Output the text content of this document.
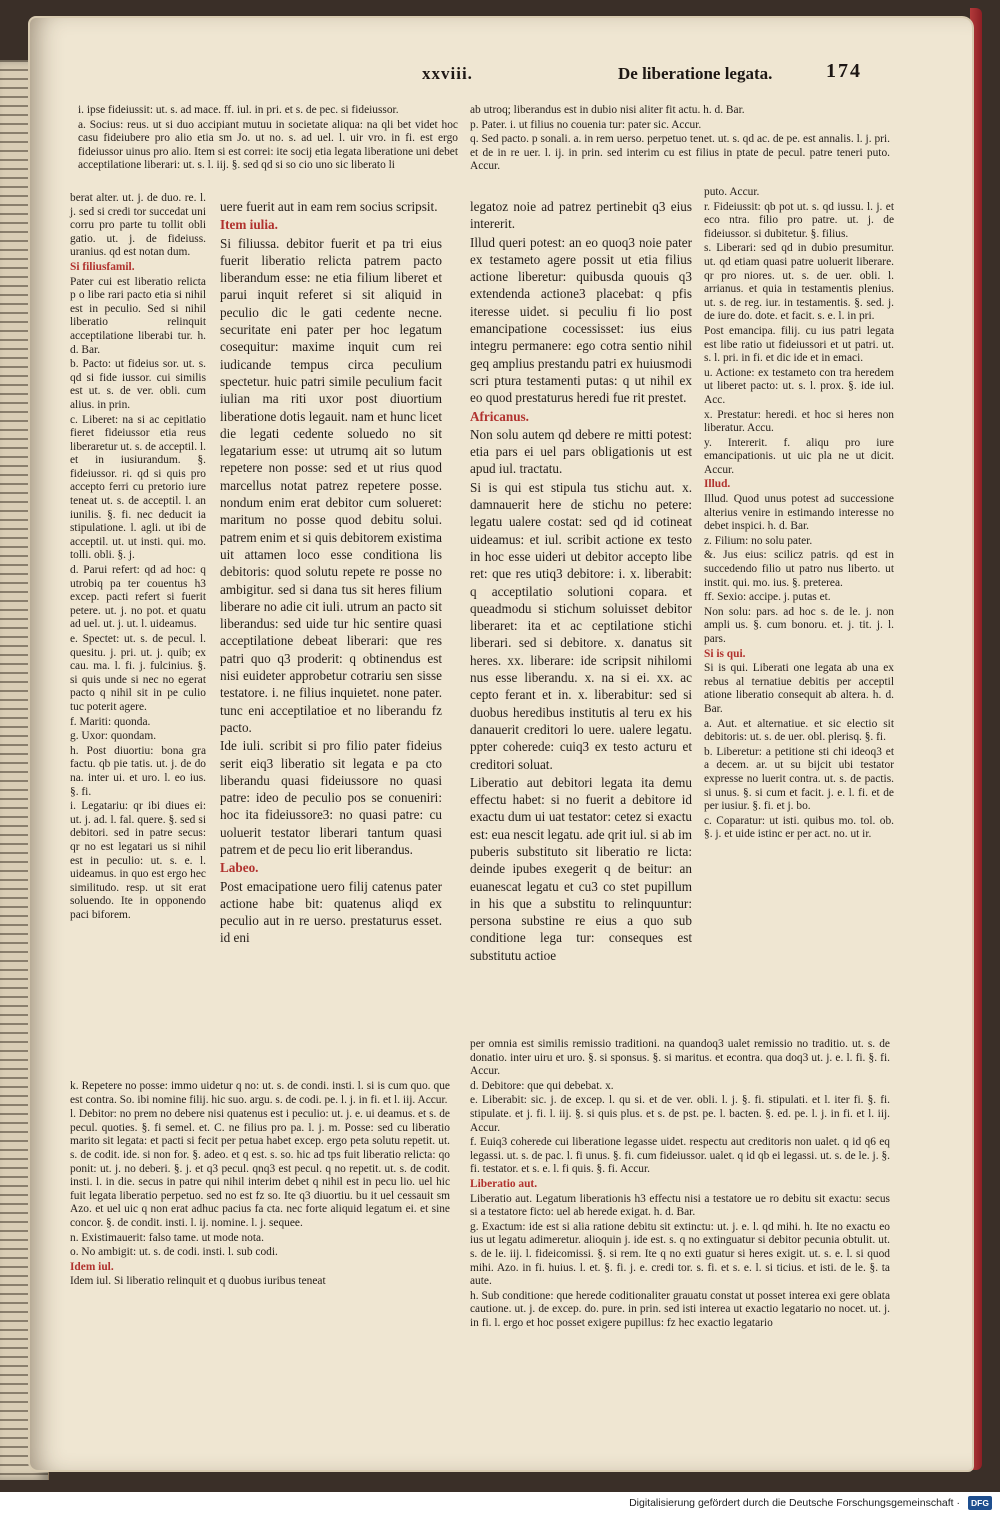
xxviii.	De liberatione legata.	174

i. ipse fideiussit: ut. s. ad mace. ff. iul. in pri. et s. de pec. si fideiussor.

a. Socius: reus. ut si duo accipiant mutuu in societate aliqua: na qli bet videt hoc casu fideiubere pro alio etia sm Jo. ut no. s. ad uel. l. uir vro. in fi. est ergo fideiussor uinus pro alio. Item si est correi: ite socij etia legata liberatione uni debet acceptilatione liberari: ut. s. l. iij. §. sed qd si so cio uno sic liberato li

ab utroq; liberandus est in dubio nisi aliter fit actu. h. d. Bar.

p. Pater. i. ut filius no couenia tur: pater sic. Accur.

q. Sed pacto. p sonali. a. in rem uerso. perpetuo tenet. ut. s. qd ac. de pe. est annalis. l. j. pri. et de in re uer. l. ij. in prin. sed interim cu est filius in ptate de pecul. patre teneri puto. Accur.

berat alter. ut. j. de duo. re. l. j. sed si credi tor succedat uni corru pro parte tu tollit obli gatio. ut. j. de fideiuss. uranius. qd est notan dum.

Si filiusfamil.

Pater cui est liberatio relicta p o libe rari pacto etia si nihil est in peculio. Sed si nihil liberatio relinquit acceptilatione liberabi tur. h. d. Bar.

b. Pacto: ut fideius sor. ut. s. qd si fide iussor. cui similis est ut. s. de ver. obli. cum alius. in prin.

c. Liberet: na si ac cepitlatio fieret fideiussor etia reus liberaretur ut. s. de acceptil. l. et in iusiurandum. §. fideiussor. ri. qd si quis pro accepto ferri cu pretorio iure teneat ut. s. de acceptil. l. an iunilis. §. fi. nec deducit ia stipulatione. l. agli. ut ibi de acceptil. ut. ut insti. qui. mo. tolli. obli. §. j.

d. Parui refert: qd ad hoc: q utrobiq pa ter couentus h3 excep. pacti refert si fuerit petere. ut. j. no pot. et quatu ad uel. ut. j. ut. l. uideamus.

e. Spectet: ut. s. de pecul. l. quesitu. j. pri. ut. j. quib; ex cau. ma. l. fi. j. fulcinius. §. si quis unde si nec no egerat pacto q nihil sit in pe culio tuc poterit agere.

f. Mariti: quonda.

g. Uxor: quondam.

h. Post diuortiu: bona gra factu. qb pie tatis. ut. j. de do na. inter ui. et uro. l. eo ius. §. fi.

i. Legatariu: qr ibi diues ei: ut. j. ad. l. fal. quere. §. sed si debitori. sed in patre secus: qr no est legatari us si nihil est in peculio: ut. s. e. l. uideamus. in quo est ergo hec similitudo. resp. ut sit erat soluendo. Ite in opponendo paci biforem.

uere fuerit aut in eam rem socius scripsit.

Item iulia.

Si filiussa. debitor fuerit et pa tri eius fuerit liberatio relicta patrem pacto liberandum esse: ne etia filium liberet et parui inquit referet si sit aliquid in peculio dic le gati cedente necne. securitate eni pater per hoc legatum cosequitur: maxime inquit cum rei iudicande tempus circa peculium spectetur. huic patri simile peculium facit iulian ma riti uxor post diuortium liberatione dotis legauit. nam et hunc licet die legati cedente soluedo no sit legatarium esse: ut utrumq ait so lutum repetere non posse: sed et ut rius quod marcellus notat patrez repetere posse. nondum enim erat debitor cum solueret: maritum no posse quod debitu solui. patrem enim et si quis debitorem existima uit attamen loco esse conditiona lis debitoris: quod solutu repete re posse no ambigitur. sed si dana tus sit heres filium liberare no adie cit iuli. utrum an pacto sit liberandus: sed uide tur hic sentire quasi acceptilatione debeat liberari: que res patri quo q3 proderit: q obtinendus est nisi euideter approbetur cotrariu sen sisse testatore. i. ne filius inquietet. none pater. tunc eni acceptilatioe et no liberandu fz pacto.

Ide iuli. scribit si pro filio pater fideius serit eiq3 liberatio sit legata e pa cto liberandu quasi fideiussore no quasi patre: ideo de peculio pos se conueniri: hoc ita fideiussore3: no quasi patre: cu uoluerit testator liberari tantum quasi patrem et de pecu lio erit liberandus.

Labeo.

Post emacipatione uero filij catenus pater actione habe bit: quatenus aliqd ex peculio aut in re uerso. prestaturus esset. id eni

legatoz noie ad patrez pertinebit q3 eius intererit.

Illud queri potest: an eo quoq3 noie pater ex testameto agere possit ut etia filius actione liberetur: quibusda quouis q3 extendenda actione3 placebat: q pfis iteresse uidet. si peculiu fi lio post emancipatione cocessisset: ius eius integru permanere: ego cotra sentio nihil geq amplius prestandu patri ex huiusmodi scri ptura testamenti putas: q ut nihil ex eo quod prestaturus heredi fue rit prestet.

Africanus.

Non solu autem qd debere re mitti potest: etia pars ei uel pars obligationis ut est apud iul. tractatu.

Si is qui est stipula tus stichu aut. x. damnauerit here de stichu no petere: legatu ualere costat: sed qd id cotineat uideamus: et iul. scribit actione ex testo in hoc esse uideri ut debitor accepto libe ret: que res utiq3 debitore: i. x. liberabit: q acceptilatio solutioni copara. et queadmodu si stichum soluisset debitor liberaret: ita et ac ceptilatione stichi liberari. sed si debitore. x. danatus sit heres. xx. liberare: ide scripsit nihilomi nus esse liberandu. x. na si ei. xx. ac cepto ferant et in. x. liberabitur: sed si duobus heredibus institutis al teru ex his danauerit creditori lo uere. ualere legatu. ppter coherede: cuiq3 ex testo acturu et creditori soluat.

Liberatio aut debitori legata ita demu effectu habet: si no fuerit a debitore id exactu dum ui uat testator: cetez si exactu est: eua nescit legatu. ade qrit iul. si ab im puberis substituto sit liberatio re licta: deinde ipubes exegerit q de beitur: an euanescat legatu et cu3 co stet pupillum in his que a substitu to relinquuntur: persona substine re eius a quo sub conditione lega tur: conseques est substitutu actioe

puto. Accur.

r. Fideiussit: qb pot ut. s. qd iussu. l. j. et eco ntra. filio pro patre. ut. j. de fideiussor. si dubitetur. §. filius.

s. Liberari: sed qd in dubio presumitur. ut. qd etiam quasi patre uoluerit liberare. qr pro niores. ut. s. de uer. obli. l. arrianus. et quia in testamentis plenius. ut. s. de reg. iur. in testamentis. §. sed. j. de iure do. dote. et facit. s. e. l. in pri.

Post emancipa. filij. cu ius patri legata est libe ratio ut fideiussori et ut patri. ut. s. l. pri. in fi. et dic ide et in emaci.

u. Actione: ex testameto con tra heredem ut liberet pacto: ut. s. l. prox. §. ide iul. Acc.

x. Prestatur: heredi. et hoc si heres non liberatur. Accu.

y. Intererit. f. aliqu pro iure emancipationis. ut uic pla ne ut dicit. Accur.

Illud.

Illud. Quod unus potest ad successione alterius venire in estimando interesse no debet inspici. h. d. Bar.

z. Filium: no solu pater.

&. Jus eius: scilicz patris. qd est in succedendo filio ut patro nus liberto. ut instit. qui. mo. ius. §. preterea.

ff. Sexio: accipe. j. putas et.

Non solu: pars. ad hoc s. de le. j. non ampli us. §. cum bonoru. et. j. tit. j. l. pars.

Si is qui.

Si is qui. Liberati one legata ab una ex rebus al ternatiue debitis per acceptil atione liberatio consequit ab altera. h. d. Bar.

a. Aut. et alternatiue. et sic electio sit debitoris: ut. s. de uer. obl. plerisq. §. fi.

b. Liberetur: a petitione sti chi ideoq3 et a decem. ar. ut su bijcit ubi testator expresse no luerit contra. ut. s. de pactis. si unus. §. si cum et facit. j. e. l. fi. et de per iusiur. §. fi. et j. bo.

c. Coparatur: ut isti. quibus mo. tol. ob. §. j. et uide istinc er per act. no. ut ir.

per omnia est similis remissio traditioni. na quandoq3 ualet remissio no traditio. ut. s. de donatio. inter uiru et uro. §. si sponsus. §. si maritus. et econtra. qua doq3 ut. j. e. l. fi. §. fi. Accur.

d. Debitore: que qui debebat. x.

e. Liberabit: sic. j. de excep. l. qu si. et de ver. obli. l. j. §. fi. stipulati. et l. iter fi. §. fi. stipulate. et j. fi. l. iij. §. si quis plus. et s. de pst. pe. l. bacten. §. ed. pe. l. j. in fi. et l. iij. Accur.

f. Euiq3 coherede cui liberatione legasse uidet. respectu aut creditoris non ualet. q id q6 eq legassi. ut. s. de pac. l. fi unus. §. fi. cum fideiussor. ualet. q id qb ei legassi. ut. s. de le. j. §. fi. testator. et s. e. l. fi quis. §. fi. Accur.

Liberatio aut.

Liberatio aut. Legatum liberationis h3 effectu nisi a testatore ue ro debitu sit exactu: secus si a testatore ficto: uel ab herede exigat. h. d. Bar.

g. Exactum: ide est si alia ratione debitu sit extinctu: ut. j. e. l. qd mihi. h. Ite no exactu eo ius ut legatu adimeretur. alioquin j. ide est. s. q no extinguatur si debitor pecunia obtulit. ut. s. de le. iij. l. fideicomissi. §. si rem. Ite q no exti guatur si heres exigit. ut. s. e. l. si quod mihi. Azo. in fi. huius. l. et. §. fi. j. e. credi tor. s. fi. et s. e. l. si ticius. et isti. de le. §. ta aute.

h. Sub conditione: que herede coditionaliter grauatu constat ut posset interea exi gere oblata cautione. ut. j. de excep. do. pure. in prin. sed isti interea ut exactio legatario no nocet. ut. j. in fi. l. ergo et hoc posset exigere pupillus: fz hec exactio legatario

k. Repetere no posse: immo uidetur q no: ut. s. de condi. insti. l. si is cum quo. que est contra. So. ibi nomine filij. hic suo. argu. s. de codi. pe. l. j. in fi. et l. iij. Accur.

l. Debitor: no prem no debere nisi quatenus est i peculio: ut. j. e. ui deamus. et s. de pecul. quoties. §. fi semel. et. C. ne filius pro pa. l. j. m. Posse: sed cu liberatio marito sit legata: et pacti si fecit per petua habet excep. ergo peta solutu repetit. ut. s. de codit. ide. si non for. §. adeo. et q est. s. so. hic ad tps fuit liberatio relicta: qo ponit: ut. j. no deberi. §. j. et q3 pecul. qnq3 est pecul. q no repetit. ut. s. de codit. insti. l. in die. secus in patre qui nihil interim debet q nihil est in pecu lio. uel hic fuit legata liberatio perpetuo. sed no est fz so. Ite q3 diuortiu. bu it uel cessauit sm Azo. et uel uic q non erat adhuc pacius fa cta. nec forte aliquid legatum ei. et sine concor. §. de condit. insti. l. ij. nomine. l. j. sequee.

n. Existimauerit: falso tame. ut mode nota.

o. No ambigit: ut. s. de codi. insti. l. sub codi.

Idem iul.

Idem iul. Si liberatio relinquit et q duobus iuribus teneat

Digitalisierung gefördert durch die Deutsche Forschungsgemeinschaft ·	DFG
